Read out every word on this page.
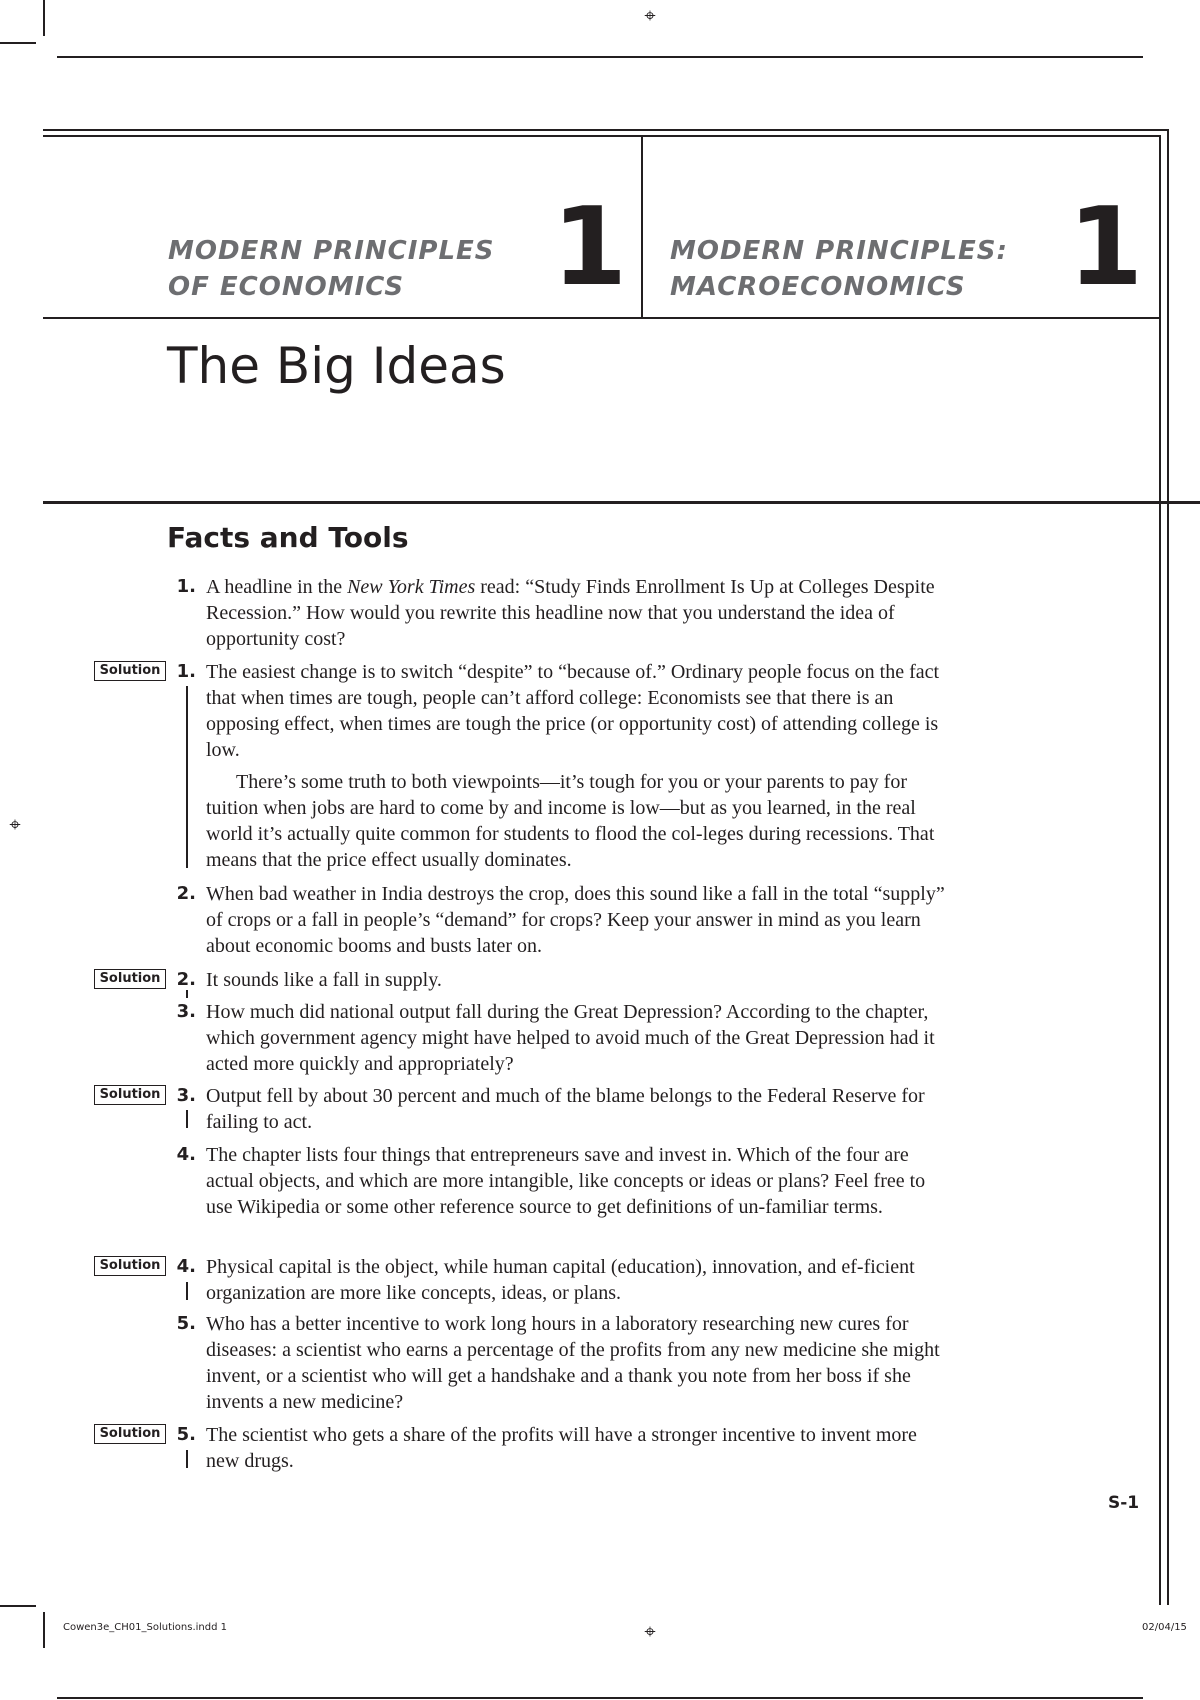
⌖
⌖
⌖
MODERN PRINCIPLES
OF ECONOMICS	1 MODERN PRINCIPLES:
MACROECONOMICS 1
The Big Ideas
Facts and Tools
1. A headline in the New York Times read: “Study Finds Enrollment Is Up at Colleges Despite Recession.” How would you rewrite this headline now that you understand the idea of opportunity cost?
Solution 1. The easiest change is to switch “despite” to “because of.” Ordinary people focus on the fact that when times are tough, people can’t afford college: Economists see that there is an opposing effect, when times are tough the price (or opportunity cost) of attending college is low.

There’s some truth to both viewpoints—it’s tough for you or your parents to pay for tuition when jobs are hard to come by and income is low—but as you learned, in the real world it’s actually quite common for students to flood the col-leges during recessions. That means that the price effect usually dominates.

2. When bad weather in India destroys the crop, does this sound like a fall in the total “supply” of crops or a fall in people’s “demand” for crops? Keep your answer in mind as you learn about economic booms and busts later on.
Solution 2. It sounds like a fall in supply.
3. How much did national output fall during the Great Depression? According to the chapter, which government agency might have helped to avoid much of the Great Depression had it acted more quickly and appropriately?
Solution 3. Output fell by about 30 percent and much of the blame belongs to the Federal Reserve for failing to act.
4. The chapter lists four things that entrepreneurs save and invest in. Which of the four are actual objects, and which are more intangible, like concepts or ideas or plans? Feel free to use Wikipedia or some other reference source to get definitions of un-familiar terms.
Solution 4. Physical capital is the object, while human capital (education), innovation, and ef-ficient organization are more like concepts, ideas, or plans.
5. Who has a better incentive to work long hours in a laboratory researching new cures for diseases: a scientist who earns a percentage of the profits from any new medicine she might invent, or a scientist who will get a handshake and a thank you note from her boss if she invents a new medicine?
Solution 5. The scientist who gets a share of the profits will have a stronger incentive to invent more new drugs.
S-1
Cowen3e_CH01_Solutions.indd 1	02/04/15
